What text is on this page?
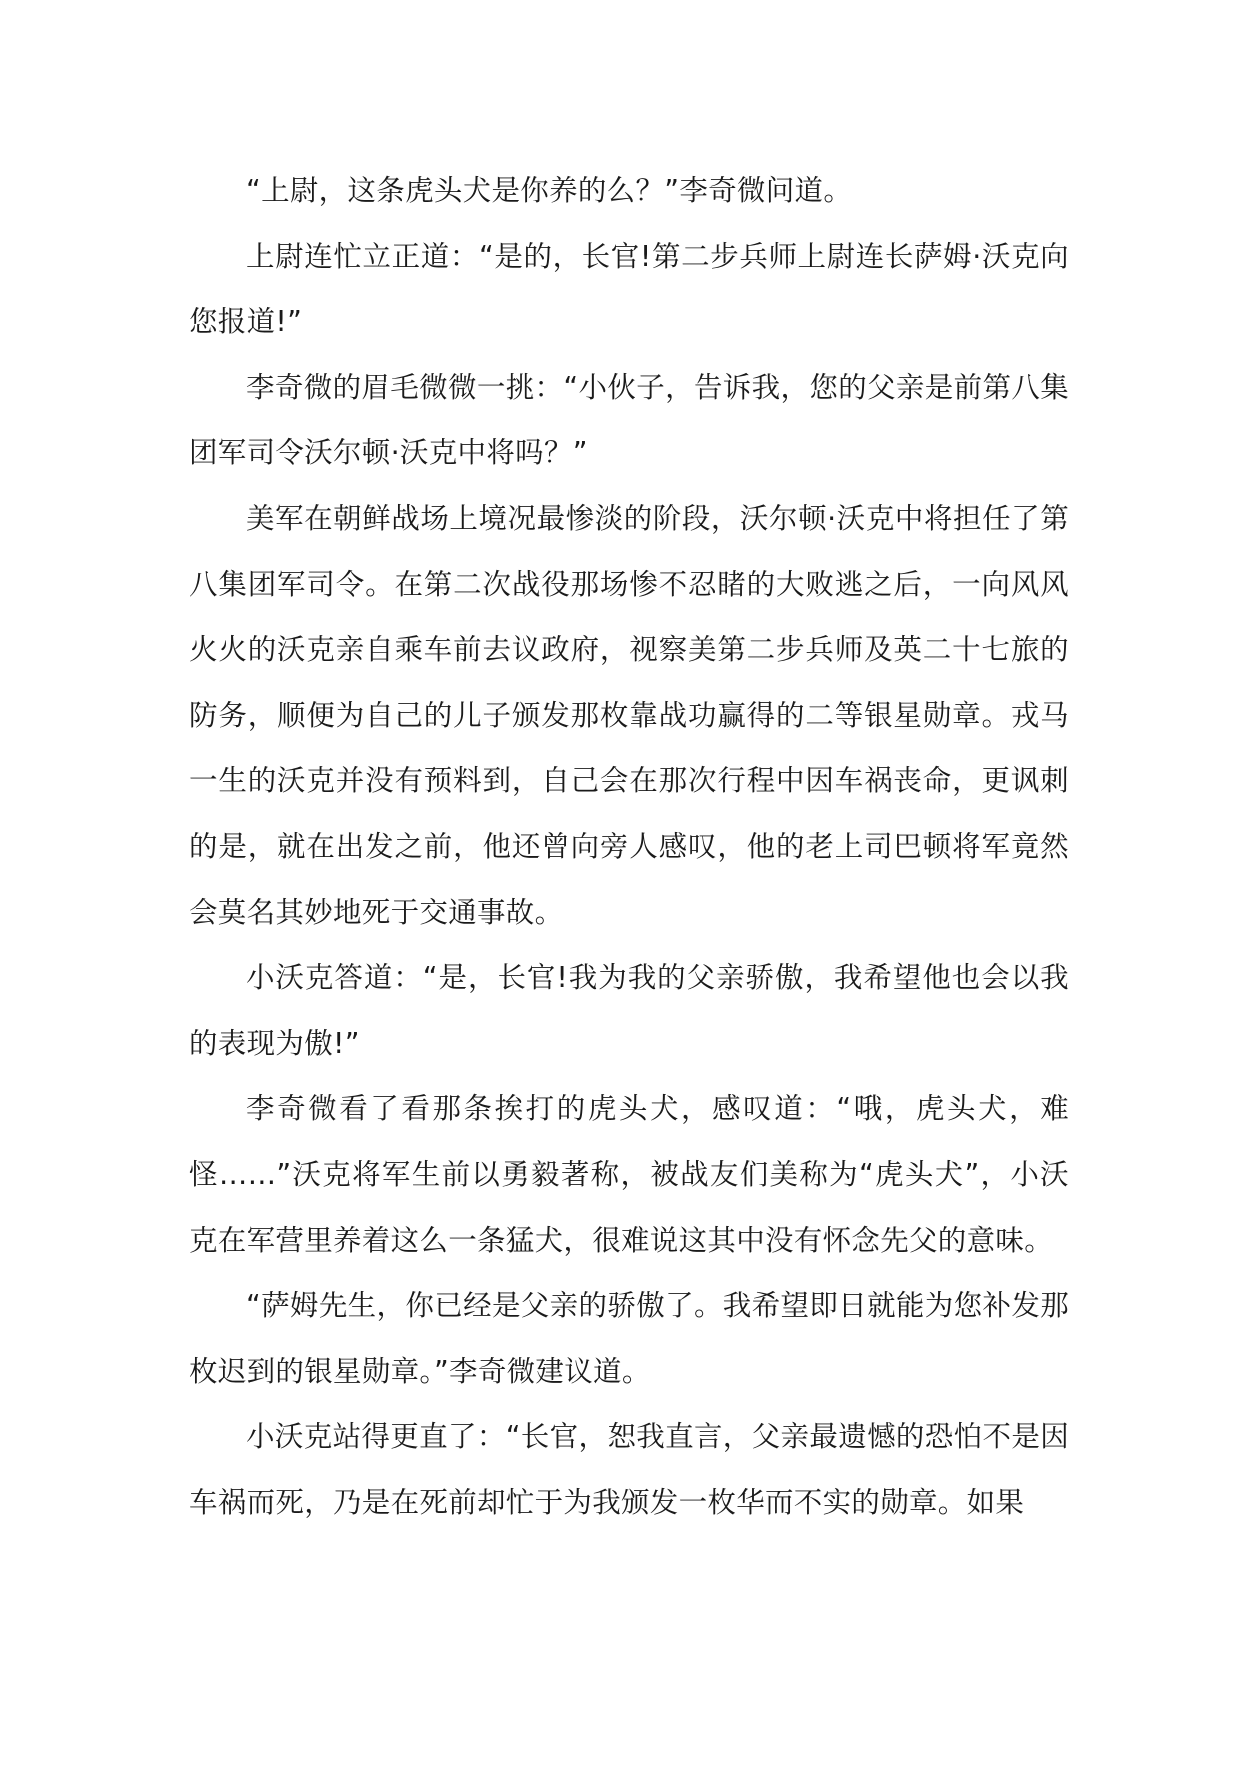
“上尉，这条虎头犬是你养的么？”李奇微问道。

上尉连忙立正道：“是的，长官!第二步兵师上尉连长萨姆·沃克向您报道!”

李奇微的眉毛微微一挑：“小伙子，告诉我，您的父亲是前第八集团军司令沃尔顿·沃克中将吗？”

美军在朝鲜战场上境况最惨淡的阶段，沃尔顿·沃克中将担任了第八集团军司令。在第二次战役那场惨不忍睹的大败逃之后，一向风风火火的沃克亲自乘车前去议政府，视察美第二步兵师及英二十七旅的防务，顺便为自己的儿子颁发那枚靠战功赢得的二等银星勋章。戎马一生的沃克并没有预料到，自己会在那次行程中因车祸丧命，更讽刺的是，就在出发之前，他还曾向旁人感叹，他的老上司巴顿将军竟然会莫名其妙地死于交通事故。

小沃克答道：“是，长官!我为我的父亲骄傲，我希望他也会以我的表现为傲!”

李奇微看了看那条挨打的虎头犬，感叹道：“哦，虎头犬，难怪……”沃克将军生前以勇毅著称，被战友们美称为“虎头犬”，小沃克在军营里养着这么一条猛犬，很难说这其中没有怀念先父的意味。

“萨姆先生，你已经是父亲的骄傲了。我希望即日就能为您补发那枚迟到的银星勋章。”李奇微建议道。

小沃克站得更直了：“长官，恕我直言，父亲最遗憾的恐怕不是因车祸而死，乃是在死前却忙于为我颁发一枚华而不实的勋章。如果
